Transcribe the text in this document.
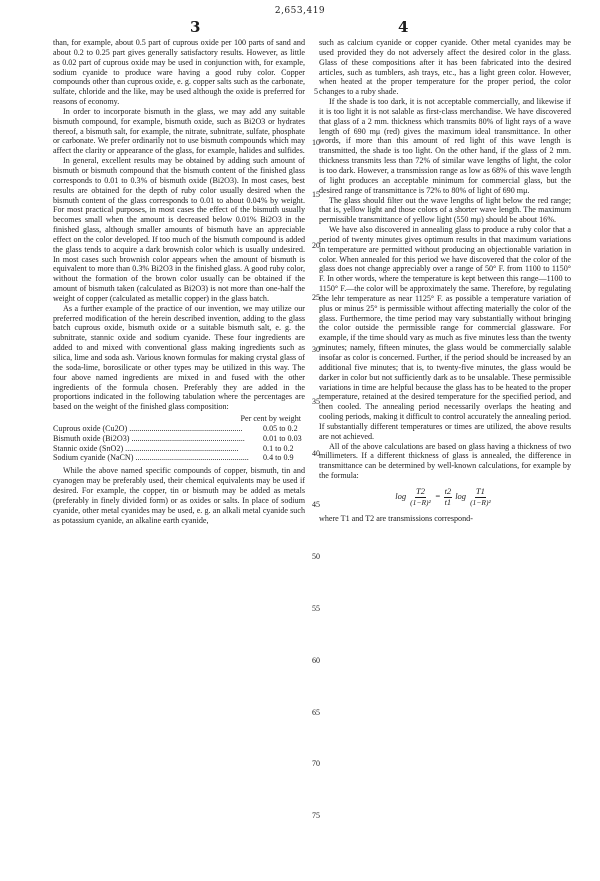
2,653,419
3	4

than, for example, about 0.5 part of cuprous oxide per 100 parts of sand and about 0.2 to 0.25 part gives generally satisfactory results. However, as little as 0.02 part of cuprous oxide may be used in conjunction with, for example, sodium cyanide to produce ware having a good ruby color. Copper compounds other than cuprous oxide, e. g. copper salts such as the carbonate, sulfate, chloride and the like, may be used although the oxide is preferred for reasons of economy.

In order to incorporate bismuth in the glass, we may add any suitable bismuth compound, for example, bismuth oxide, such as Bi2O3 or hydrates thereof, a bismuth salt, for example, the nitrate, subnitrate, sulfate, phosphate or carbonate. We prefer ordinarily not to use bismuth compounds which may affect the clarity or appearance of the glass, for example, halides and sulfides.

In general, excellent results may be obtained by adding such amount of bismuth or bismuth compound that the bismuth content of the finished glass corresponds to 0.01 to 0.3% of bismuth oxide (Bi2O3). In most cases, best results are obtained for the depth of ruby color usually desired when the bismuth content of the glass corresponds to 0.01 to about 0.04% by weight. For most practical purposes, in most cases the effect of the bismuth usually becomes small when the amount is decreased below 0.01% Bi2O3 in the finished glass, although smaller amounts of bismuth have an appreciable effect on the color developed. If too much of the bismuth compound is added the glass tends to acquire a dark brownish color which is usually undesired. In most cases such brownish color appears when the amount of bismuth is equivalent to more than 0.3% Bi2O3 in the finished glass. A good ruby color, without the formation of the brown color usually can be obtained if the amount of bismuth taken (calculated as Bi2O3) is not more than one-half the weight of copper (calculated as metallic copper) in the glass batch.

As a further example of the practice of our invention, we may utilize our preferred modification of the herein described invention, adding to the glass batch cuprous oxide, bismuth oxide or a suitable bismuth salt, e. g. the subnitrate, stannic oxide and sodium cyanide. These four ingredients are added to and mixed with conventional glass making ingredients such as silica, lime and soda ash. Various known formulas for making crystal glass of the soda-lime, borosilicate or other types may be utilized in this way. The four above named ingredients are mixed in and fused with the other ingredients of the formula chosen. Preferably they are added in the proportions indicated in the following tabulation where the percentages are based on the weight of the finished glass composition:

Per cent by weight
Cuprous oxide (Cu2O) .....	0.05 to 0.2
Bismuth oxide (Bi2O3) .....	0.01 to 0.03
Stannic oxide (SnO2) .....	0.1 to 0.2
Sodium cyanide (NaCN) .....	0.4 to 0.9

While the above named specific compounds of copper, bismuth, tin and cyanogen may be preferably used, their chemical equivalents may be used if desired. For example, the copper, tin or bismuth may be added as metals (preferably in finely divided form) or as oxides or salts. In place of sodium cyanide, other metal cyanides may be used, e. g. an alkali metal cyanide such as potassium cyanide, an alkaline earth cyanide,

5
10
15
20
25
30
35
40
45
50
55
60
65
70
75

such as calcium cyanide or copper cyanide. Other metal cyanides may be used provided they do not adversely affect the desired color in the glass. Glass of these compositions after it has been fabricated into the desired articles, such as tumblers, ash trays, etc., has a light green color. However, when heated at the proper temperature for the proper period, the color changes to a ruby shade.

If the shade is too dark, it is not acceptable commercially, and likewise if it is too light it is not salable as first-class merchandise. We have discovered that glass of a 2 mm. thickness which transmits 80% of light rays of a wave length of 690 mμ (red) gives the maximum ideal transmittance. In other words, if more than this amount of red light of this wave length is transmitted, the shade is too light. On the other hand, if the glass of 2 mm. thickness transmits less than 72% of similar wave lengths of light, the color is too dark. However, a transmission range as low as 68% of this wave length of light produces an acceptable minimum for commercial glass, but the desired range of transmittance is 72% to 80% of light of 690 mμ.

The glass should filter out the wave lengths of light below the red range; that is, yellow light and those colors of a shorter wave length. The maximum permissible transmittance of yellow light (550 mμ) should be about 16%.

We have also discovered in annealing glass to produce a ruby color that a period of twenty minutes gives optimum results in that maximum variations in temperature are permitted without producing an objectionable variation in color. When annealed for this period we have discovered that the color of the glass does not change appreciably over a range of 50° F. from 1100 to 1150° F. In other words, where the temperature is kept between this range—1100 to 1150° F.—the color will be approximately the same. Therefore, by regulating the lehr temperature as near 1125° F. as possible a temperature variation of plus or minus 25° is permissible without affecting materially the color of the glass. Furthermore, the time period may vary substantially without bringing the color outside the permissible range for commercial glassware. For example, if the time should vary as much as five minutes less than the twenty minutes; namely, fifteen minutes, the glass would be commercially salable insofar as color is concerned. Further, if the period should be increased by an additional five minutes; that is, to twenty-five minutes, the glass would be darker in color but not sufficiently dark as to be unsalable. These permissible variations in time are helpful because the glass has to be heated to the proper temperature, retained at the desired temperature for the specified period, and then cooled. The annealing period necessarily overlaps the heating and cooling periods, making it difficult to control accurately the annealing period. If substantially different temperatures or times are utilized, the above results are not achieved.

All of the above calculations are based on glass having a thickness of two millimeters. If a different thickness of glass is annealed, the difference in transmittance can be determined by well-known calculations, for example by the formula:

$\log \frac{T2}{\text{(1−R)²}} = \frac{t2}{t1}$ $\log \frac{T1}{\text{(1−R)²}}$

where T1 and T2 are transmissions correspond-
